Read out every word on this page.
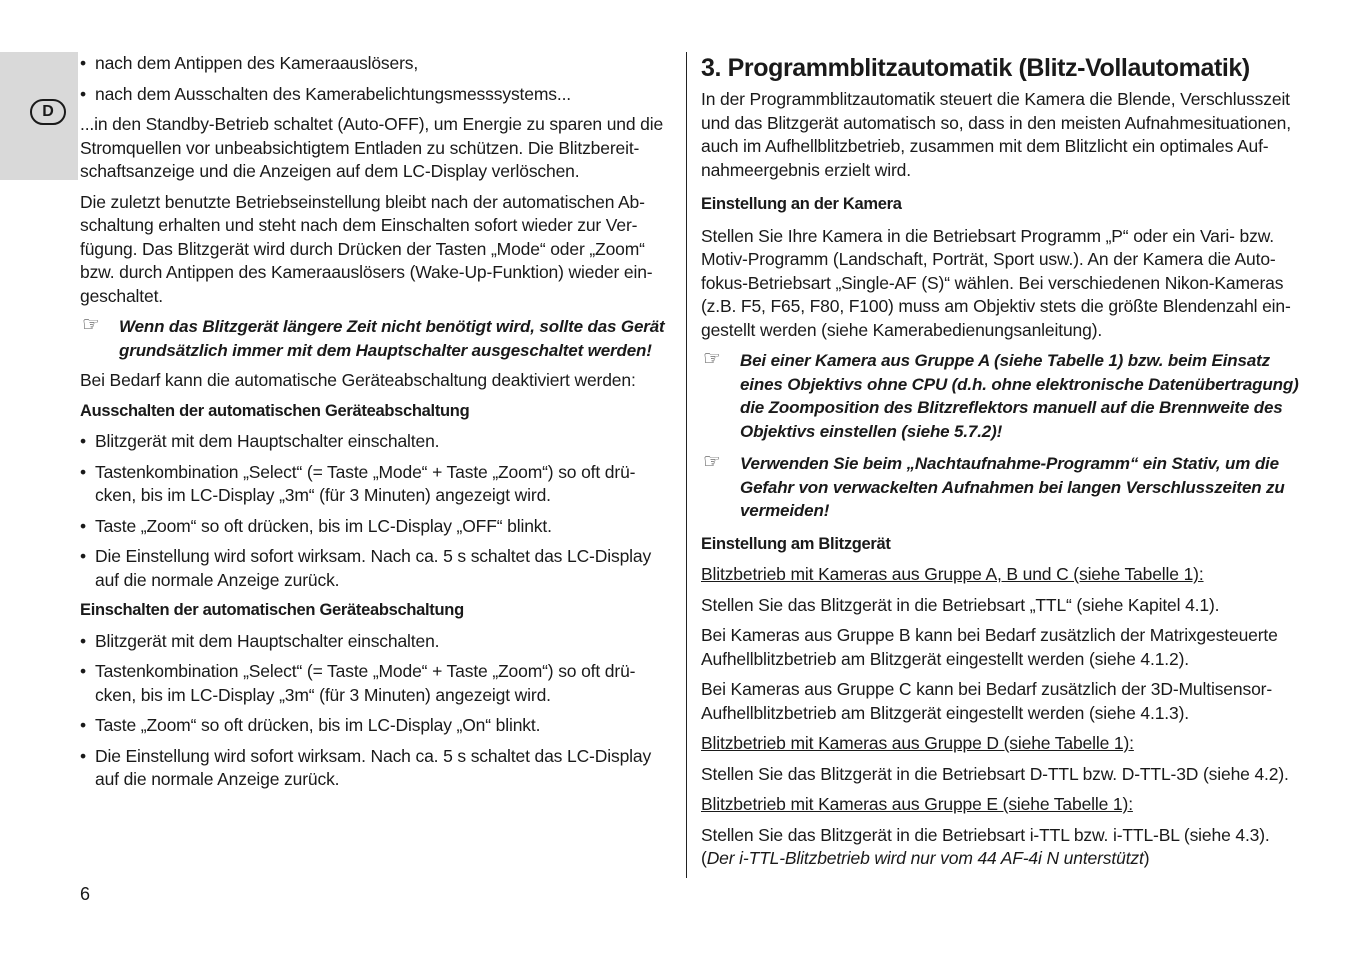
D

• nach dem Antippen des Kameraauslösers,

• nach dem Ausschalten des Kamerabelichtungsmesssystems...

...in den Standby-Betrieb schaltet (Auto-OFF), um Energie zu sparen und die
Stromquellen vor unbeabsichtigtem Entladen zu schützen. Die Blitzbereit-
schaftsanzeige und die Anzeigen auf dem LC-Display verlöschen.

Die zuletzt benutzte Betriebseinstellung bleibt nach der automatischen Ab-
schaltung erhalten und steht nach dem Einschalten sofort wieder zur Ver-
fügung. Das Blitzgerät wird durch Drücken der Tasten „Mode“ oder „Zoom“
bzw. durch Antippen des Kameraauslösers (Wake-Up-Funktion) wieder ein-
geschaltet.

☞ Wenn das Blitzgerät längere Zeit nicht benötigt wird, sollte das Gerät
grundsätzlich immer mit dem Hauptschalter ausgeschaltet werden!

Bei Bedarf kann die automatische Geräteabschaltung deaktiviert werden:

Ausschalten der automatischen Geräteabschaltung

• Blitzgerät mit dem Hauptschalter einschalten.

• Tastenkombination „Select“ (= Taste „Mode“ + Taste „Zoom“) so oft drü-
cken, bis im LC-Display „3m“ (für 3 Minuten) angezeigt wird.

• Taste „Zoom“ so oft drücken, bis im LC-Display „OFF“ blinkt.

• Die Einstellung wird sofort wirksam. Nach ca. 5 s schaltet das LC-Display
auf die normale Anzeige zurück.

Einschalten der automatischen Geräteabschaltung

• Blitzgerät mit dem Hauptschalter einschalten.

• Tastenkombination „Select“ (= Taste „Mode“ + Taste „Zoom“) so oft drü-
cken, bis im LC-Display „3m“ (für 3 Minuten) angezeigt wird.

• Taste „Zoom“ so oft drücken, bis im LC-Display „On“ blinkt.

• Die Einstellung wird sofort wirksam. Nach ca. 5 s schaltet das LC-Display
auf die normale Anzeige zurück.

3. Programmblitzautomatik (Blitz-Vollautomatik)

In der Programmblitzautomatik steuert die Kamera die Blende, Verschlusszeit
und das Blitzgerät automatisch so, dass in den meisten Aufnahmesituationen,
auch im Aufhellblitzbetrieb, zusammen mit dem Blitzlicht ein optimales Auf-
nahmeergebnis erzielt wird.

Einstellung an der Kamera

Stellen Sie Ihre Kamera in die Betriebsart Programm „P“ oder ein Vari- bzw.
Motiv-Programm (Landschaft, Porträt, Sport usw.). An der Kamera die Auto-
fokus-Betriebsart „Single-AF (S)“ wählen. Bei verschiedenen Nikon-Kameras
(z.B. F5, F65, F80, F100) muss am Objektiv stets die größte Blendenzahl ein-
gestellt werden (siehe Kamerabedienungsanleitung).

☞ Bei einer Kamera aus Gruppe A (siehe Tabelle 1) bzw. beim Einsatz
eines Objektivs ohne CPU (d.h. ohne elektronische Datenübertragung)
die Zoomposition des Blitzreflektors manuell auf die Brennweite des
Objektivs einstellen (siehe 5.7.2)!
☞ Verwenden Sie beim „Nachtaufnahme-Programm“ ein Stativ, um die
Gefahr von verwackelten Aufnahmen bei langen Verschlusszeiten zu
vermeiden!

Einstellung am Blitzgerät

Blitzbetrieb mit Kameras aus Gruppe A, B und C (siehe Tabelle 1):

Stellen Sie das Blitzgerät in die Betriebsart „TTL“ (siehe Kapitel 4.1).

Bei Kameras aus Gruppe B kann bei Bedarf zusätzlich der Matrixgesteuerte
Aufhellblitzbetrieb am Blitzgerät eingestellt werden (siehe 4.1.2).

Bei Kameras aus Gruppe C kann bei Bedarf zusätzlich der 3D-Multisensor-
Aufhellblitzbetrieb am Blitzgerät eingestellt werden (siehe 4.1.3).

Blitzbetrieb mit Kameras aus Gruppe D (siehe Tabelle 1):

Stellen Sie das Blitzgerät in die Betriebsart D-TTL bzw. D-TTL-3D (siehe 4.2).

Blitzbetrieb mit Kameras aus Gruppe E (siehe Tabelle 1):

Stellen Sie das Blitzgerät in die Betriebsart i-TTL bzw. i-TTL-BL (siehe 4.3).
(Der i-TTL-Blitzbetrieb wird nur vom 44 AF-4i N unterstützt)

6
